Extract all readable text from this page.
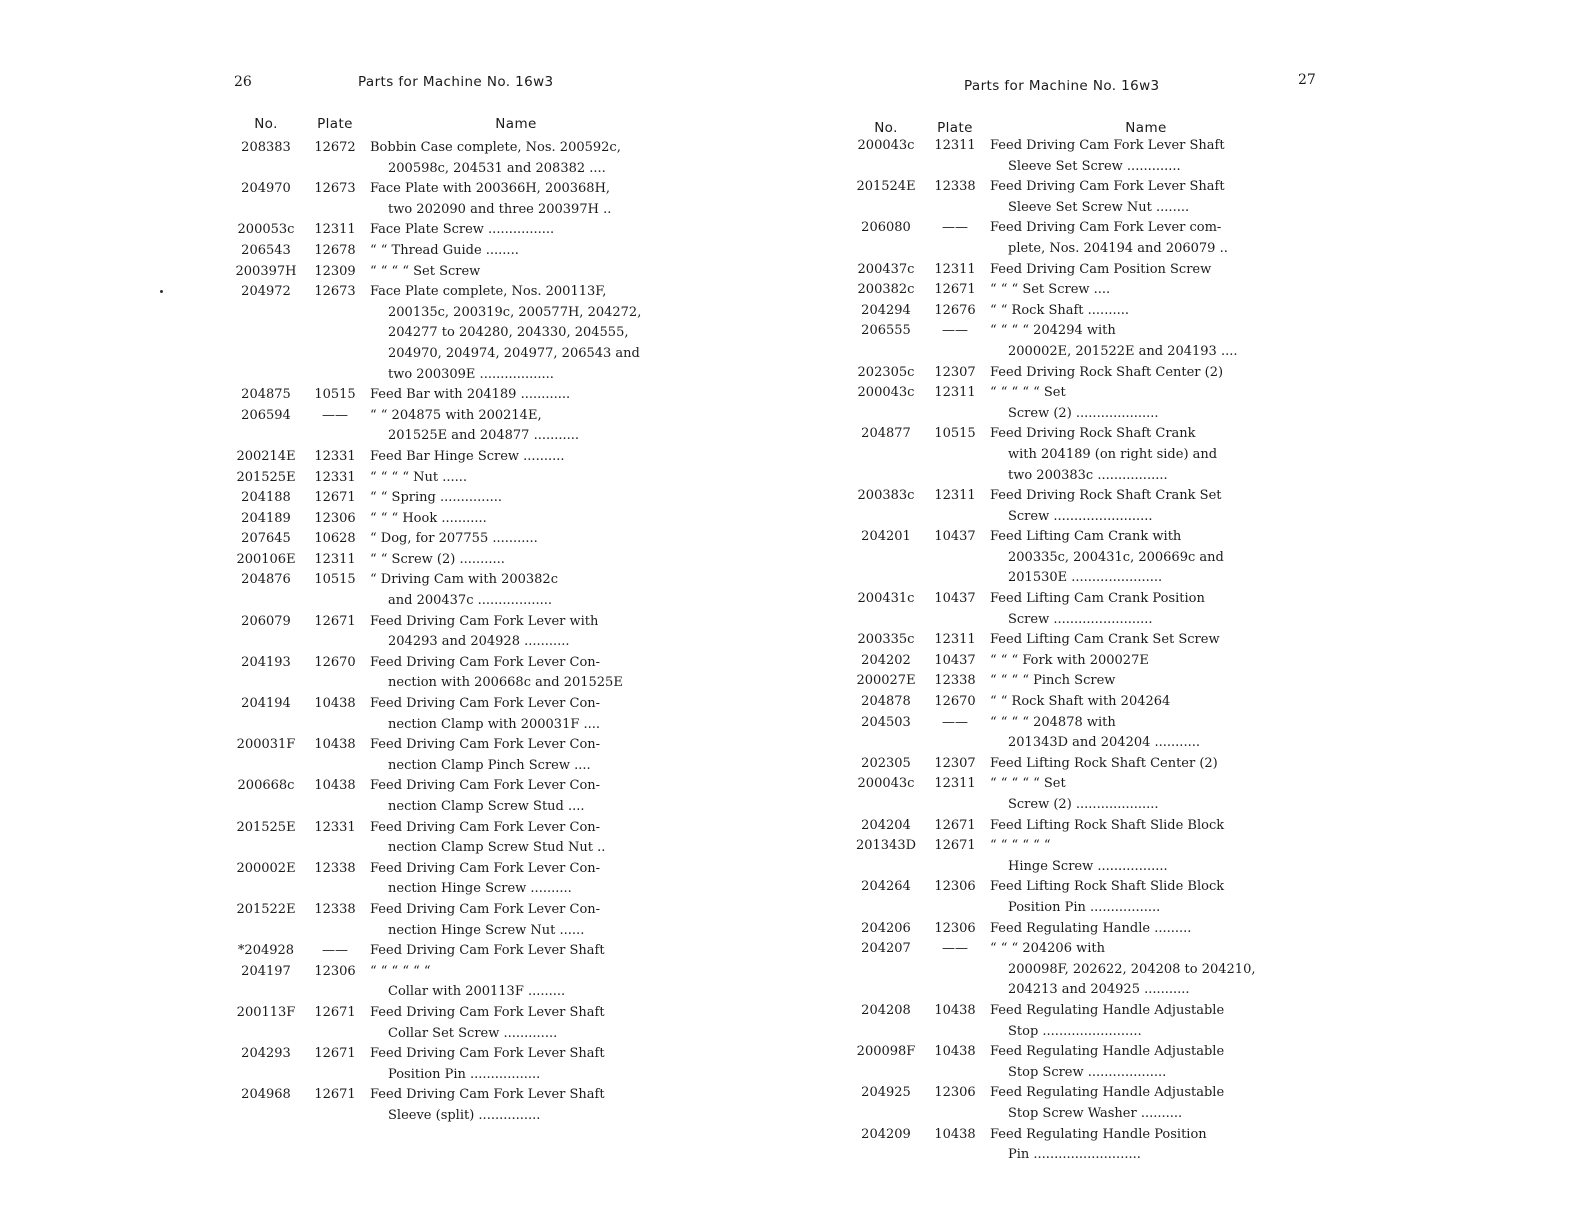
26	Parts for Machine No. 16w3
No.	Plate	Name
208383	12672	Bobbin Case complete, Nos. 200592c,
200598c, 204531 and 208382 ....
204970	12673	Face Plate with 200366H, 200368H,
two 202090 and three 200397H ..
200053c	12311	Face Plate Screw ................
206543	12678	“ “ Thread Guide ........
200397H	12309	“ “ “ “ Set Screw
204972	12673	Face Plate complete, Nos. 200113F,
200135c, 200319c, 200577H, 204272,
204277 to 204280, 204330, 204555,
204970, 204974, 204977, 206543 and
two 200309E ..................
204875	10515	Feed Bar with 204189 ............
206594	——	“ “ 204875 with 200214E,
201525E and 204877 ...........
200214E	12331	Feed Bar Hinge Screw ..........
201525E	12331	“ “ “ “ Nut ......
204188	12671	“ “ Spring ...............
204189	12306	“ “ “ Hook ...........
207645	10628	“ Dog, for 207755 ...........
200106E	12311	“ “ Screw (2) ...........
204876	10515	“ Driving Cam with 200382c
and 200437c ..................
206079	12671	Feed Driving Cam Fork Lever with
204293 and 204928 ...........
204193	12670	Feed Driving Cam Fork Lever Con-
nection with 200668c and 201525E
204194	10438	Feed Driving Cam Fork Lever Con-
nection Clamp with 200031F ....
200031F	10438	Feed Driving Cam Fork Lever Con-
nection Clamp Pinch Screw ....
200668c	10438	Feed Driving Cam Fork Lever Con-
nection Clamp Screw Stud ....
201525E	12331	Feed Driving Cam Fork Lever Con-
nection Clamp Screw Stud Nut ..
200002E	12338	Feed Driving Cam Fork Lever Con-
nection Hinge Screw ..........
201522E	12338	Feed Driving Cam Fork Lever Con-
nection Hinge Screw Nut ......
*204928	——	Feed Driving Cam Fork Lever Shaft
204197	12306	“ “ “ “ “ “
Collar with 200113F .........
200113F	12671	Feed Driving Cam Fork Lever Shaft
Collar Set Screw .............
204293	12671	Feed Driving Cam Fork Lever Shaft
Position Pin .................
204968	12671	Feed Driving Cam Fork Lever Shaft
Sleeve (split) ...............
27
Parts for Machine No. 16w3
No.	Plate	Name
200043c	12311	Feed Driving Cam Fork Lever Shaft
Sleeve Set Screw .............
201524E	12338	Feed Driving Cam Fork Lever Shaft
Sleeve Set Screw Nut ........
206080	——	Feed Driving Cam Fork Lever com-
plete, Nos. 204194 and 206079 ..
200437c	12311	Feed Driving Cam Position Screw
200382c	12671	“ “ “ Set Screw ....
204294	12676	“ “ Rock Shaft ..........
206555	——	“ “ “ “ 204294 with
200002E, 201522E and 204193 ....
202305c	12307	Feed Driving Rock Shaft Center (2)
200043c	12311	“ “ “ “ “ Set
Screw (2) ....................
204877	10515	Feed Driving Rock Shaft Crank
with 204189 (on right side) and
two 200383c .................
200383c	12311	Feed Driving Rock Shaft Crank Set
Screw ........................
204201	10437	Feed Lifting Cam Crank with
200335c, 200431c, 200669c and
201530E ......................
200431c	10437	Feed Lifting Cam Crank Position
Screw ........................
200335c	12311	Feed Lifting Cam Crank Set Screw
204202	10437	“ “ “ Fork with 200027E
200027E	12338	“ “ “ “ Pinch Screw
204878	12670	“ “ Rock Shaft with 204264
204503	——	“ “ “ “ 204878 with
201343D and 204204 ...........
202305	12307	Feed Lifting Rock Shaft Center (2)
200043c	12311	“ “ “ “ “ Set
Screw (2) ....................
204204	12671	Feed Lifting Rock Shaft Slide Block
201343D	12671	“ “ “ “ “ “
Hinge Screw .................
204264	12306	Feed Lifting Rock Shaft Slide Block
Position Pin .................
204206	12306	Feed Regulating Handle .........
204207	——	“ “ “ 204206 with
200098F, 202622, 204208 to 204210,
204213 and 204925 ...........
204208	10438	Feed Regulating Handle Adjustable
Stop ........................
200098F	10438	Feed Regulating Handle Adjustable
Stop Screw ...................
204925	12306	Feed Regulating Handle Adjustable
Stop Screw Washer ..........
204209	10438	Feed Regulating Handle Position
Pin ..........................
